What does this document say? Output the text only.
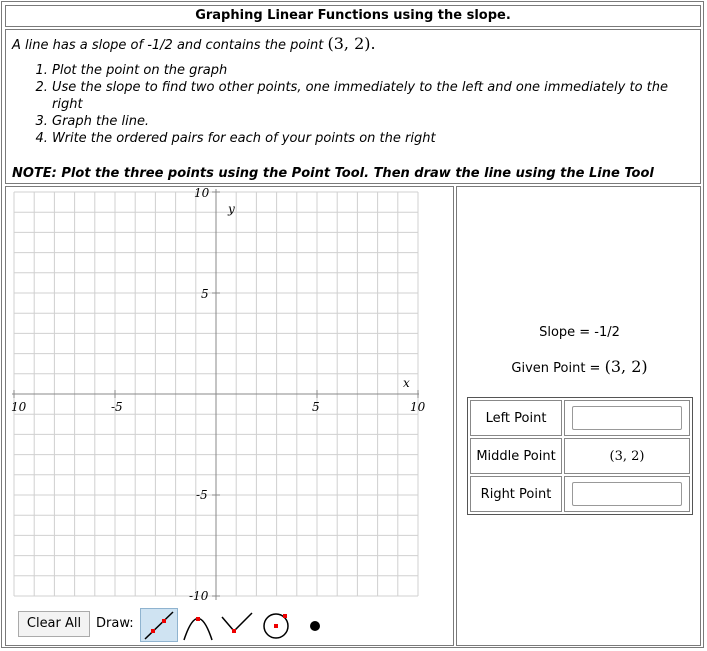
Graphing Linear Functions using the slope.
A line has a slope of -1/2 and contains the point (3, 2).
1. Plot the point on the graph
2. Use the slope to find two other points, one immediately to the left and one immediately to the right
3. Graph the line.
4. Write the ordered pairs for each of your points on the right
NOTE: Plot the three points using the Point Tool. Then draw the line using the Line Tool
y
x
10	-5	5	10
10
5
-5
-10
Clear All	Draw:
Slope = -1/2
Given Point = (3, 2)
Left Point	
Middle Point	(3, 2)
Right Point	
